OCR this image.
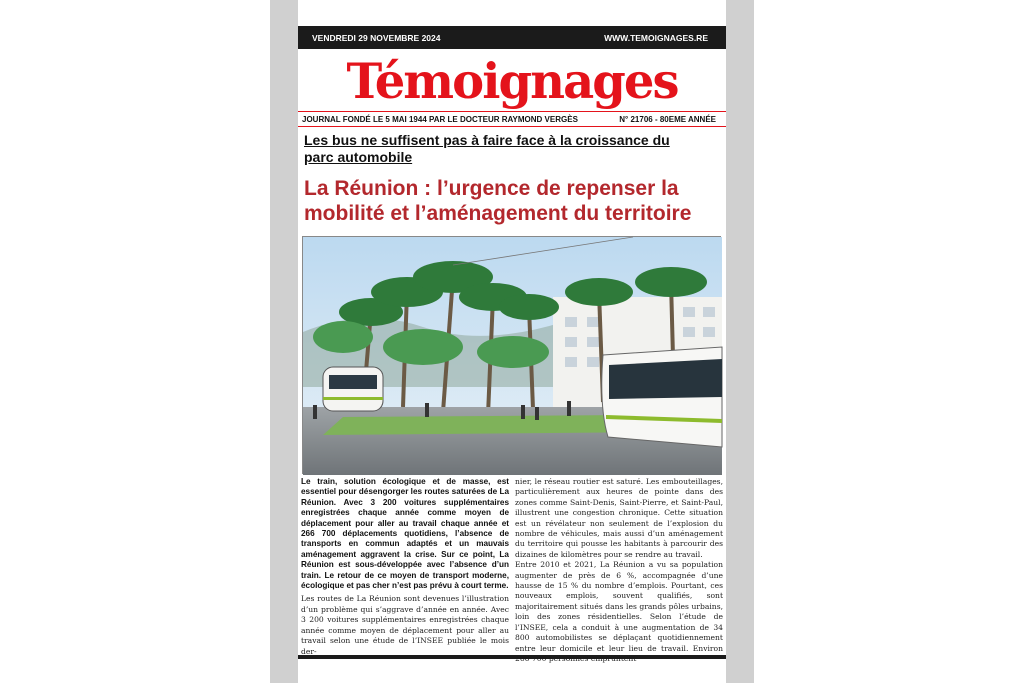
VENDREDI 29 NOVEMBRE 2024	WWW.TEMOIGNAGES.RE
Témoignages
JOURNAL FONDÉ LE 5 MAI 1944 PAR LE DOCTEUR RAYMOND VERGÈS	N° 21706 - 80EME ANNÉE
Les bus ne suffisent pas à faire face à la croissance du parc automobile
La Réunion : l’urgence de repenser la mobilité et l’aménagement du territoire

Le train, solution écologique et de masse, est essentiel pour désengorger les routes saturées de La Réunion. Avec 3 200 voitures supplémentaires enregistrées chaque année comme moyen de déplacement pour aller au travail chaque année et 266 700 déplacements quotidiens, l’absence de transports en commun adaptés et un mauvais aménagement aggravent la crise. Sur ce point, La Réunion est sous-développée avec l’absence d’un train. Le retour de ce moyen de transport moderne, écologique et pas cher n’est pas prévu à court terme.

Les routes de La Réunion sont devenues l’illustration d’un problème qui s’aggrave d’année en année. Avec 3 200 voitures supplémentaires enregistrées chaque année comme moyen de déplacement pour aller au travail selon une étude de l’INSEE publiée le mois der-

nier, le réseau routier est saturé. Les embouteillages, particulièrement aux heures de pointe dans des zones comme Saint-Denis, Saint-Pierre, et Saint-Paul, illustrent une congestion chronique. Cette situation est un révélateur non seulement de l’explosion du nombre de véhicules, mais aussi d’un aménagement du territoire qui pousse les habitants à parcourir des dizaines de kilomètres pour se rendre au travail.

Entre 2010 et 2021, La Réunion a vu sa population augmenter de près de 6 %, accompagnée d’une hausse de 15 % du nombre d’emplois. Pourtant, ces nouveaux emplois, souvent qualifiés, sont majoritairement situés dans les grands pôles urbains, loin des zones résidentielles. Selon l’étude de l’INSEE, cela a conduit à une augmentation de 34 800 automobilistes se déplaçant quotidiennement entre leur domicile et leur lieu de travail. Environ
